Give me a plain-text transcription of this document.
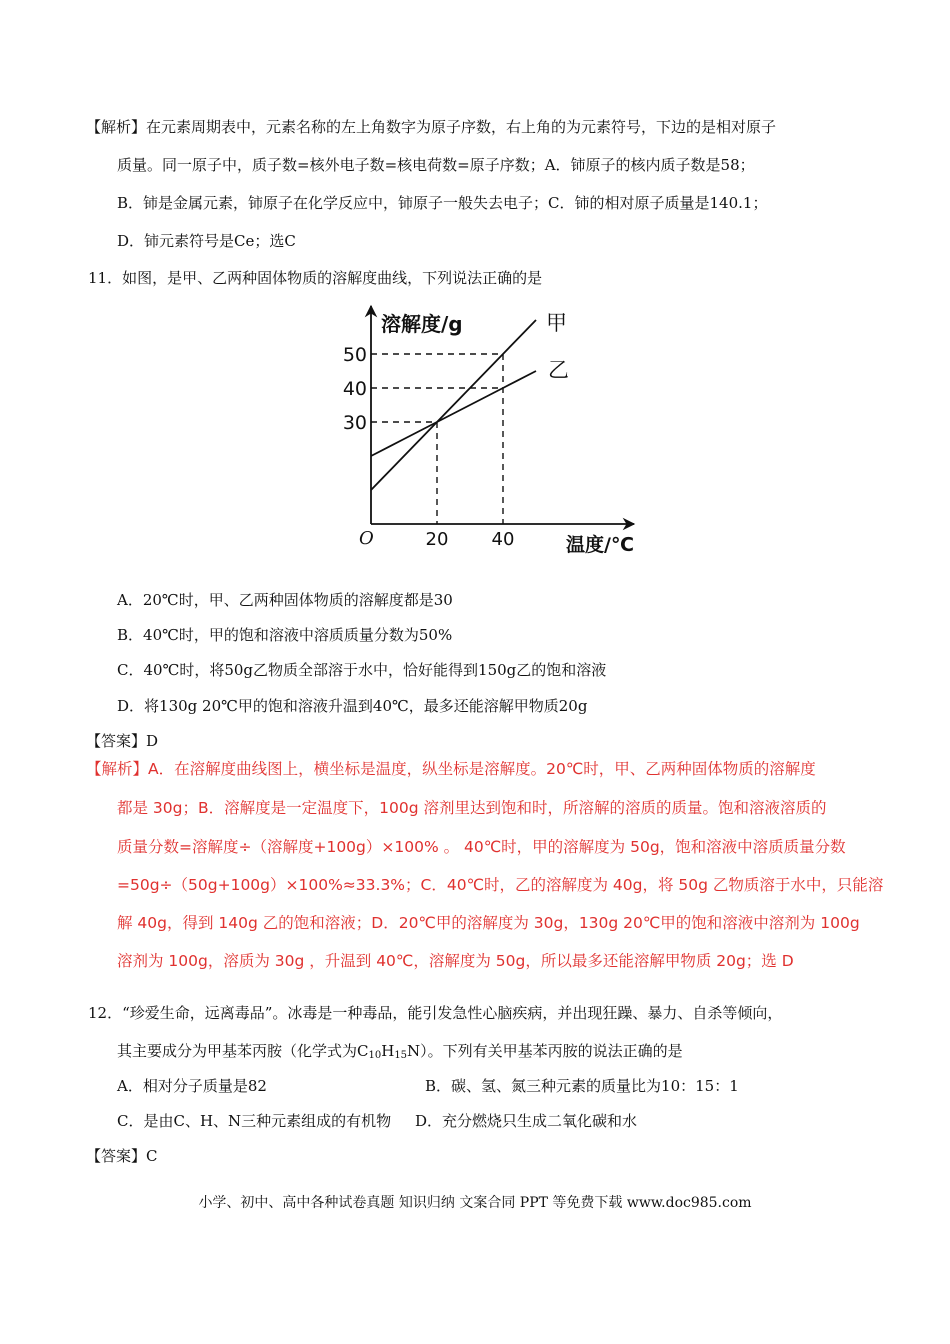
【解析】在元素周期表中，元素名称的左上角数字为原子序数，右上角的为元素符号，下边的是相对原子
质量。同一原子中，质子数=核外电子数=核电荷数=原子序数；A．铈原子的核内质子数是58；
B．铈是金属元素，铈原子在化学反应中，铈原子一般失去电子；C．铈的相对原子质量是140.1；
D．铈元素符号是Ce；选C
11．如图，是甲、乙两种固体物质的溶解度曲线，下列说法正确的是
溶解度/g
温度/℃
O
30
40
50
20 40
甲
乙
A．20℃时，甲、乙两种固体物质的溶解度都是30
B．40℃时，甲的饱和溶液中溶质质量分数为50%
C．40℃时，将50g乙物质全部溶于水中，恰好能得到150g乙的饱和溶液
D．将130g 20℃甲的饱和溶液升温到40℃，最多还能溶解甲物质20g
【答案】D
【解析】A．在溶解度曲线图上，横坐标是温度，纵坐标是溶解度。20℃时，甲、乙两种固体物质的溶解度
都是 30g；B．溶解度是一定温度下，100g 溶剂里达到饱和时，所溶解的溶质的质量。饱和溶液溶质的
质量分数=溶解度÷（溶解度+100g）×100% 。 40℃时，甲的溶解度为 50g，饱和溶液中溶质质量分数
=50g÷（50g+100g）×100%≈33.3%；C．40℃时，乙的溶解度为 40g，将 50g 乙物质溶于水中，只能溶
解 40g，得到 140g 乙的饱和溶液；D．20℃甲的溶解度为 30g，130g 20℃甲的饱和溶液中溶剂为 100g
溶剂为 100g，溶质为 30g ，升温到 40℃，溶解度为 50g，所以最多还能溶解甲物质 20g；选 D
12．“珍爱生命，远离毒品”。冰毒是一种毒品，能引发急性心脑疾病，并出现狂躁、暴力、自杀等倾向，
其主要成分为甲基苯丙胺（化学式为$C_{10}H_{15}N$）。下列有关甲基苯丙胺的说法正确的是
A．相对分子质量是82	B．碳、氢、氮三种元素的质量比为10：15：1
C．是由C、H、N三种元素组成的有机物 D．充分燃烧只生成二氧化碳和水
【答案】C
小学、初中、高中各种试卷真题 知识归纳 文案合同 PPT 等免费下载 www.doc985.com
